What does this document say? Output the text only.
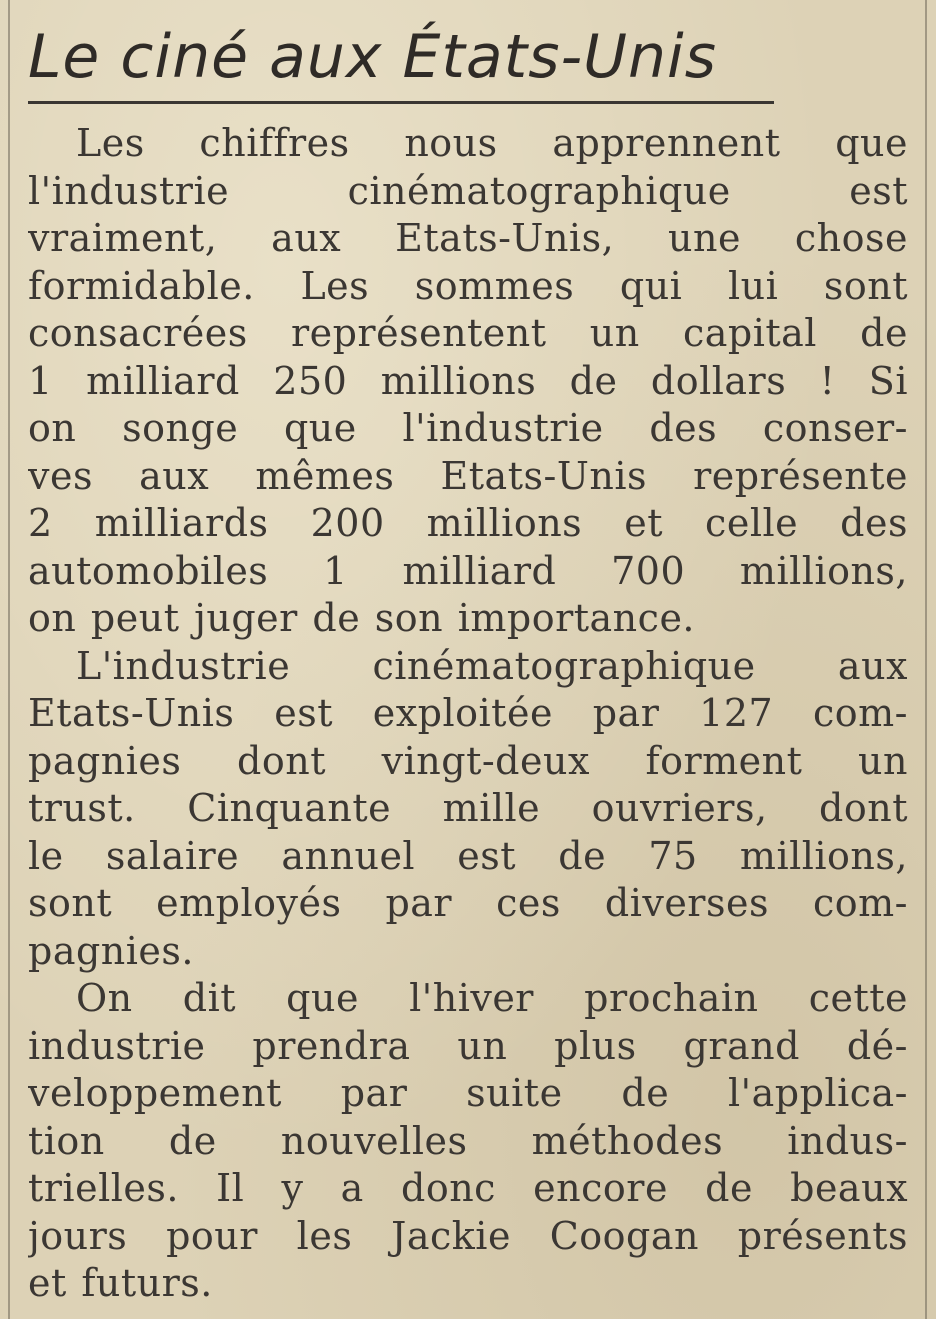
Le ciné aux États-Unis
Les chiffres nous apprennent que
l'industrie cinématographique est
vraiment, aux Etats-Unis, une chose
formidable. Les sommes qui lui sont
consacrées représentent un capital de
1 milliard 250 millions de dollars ! Si
on songe que l'industrie des conser-
ves aux mêmes Etats-Unis représente
2 milliards 200 millions et celle des
automobiles 1 milliard 700 millions,
on peut juger de son importance.
L'industrie cinématographique aux
Etats-Unis est exploitée par 127 com-
pagnies dont vingt-deux forment un
trust. Cinquante mille ouvriers, dont
le salaire annuel est de 75 millions,
sont employés par ces diverses com-
pagnies.
On dit que l'hiver prochain cette
industrie prendra un plus grand dé-
veloppement par suite de l'applica-
tion de nouvelles méthodes indus-
trielles. Il y a donc encore de beaux
jours pour les Jackie Coogan présents
et futurs.
